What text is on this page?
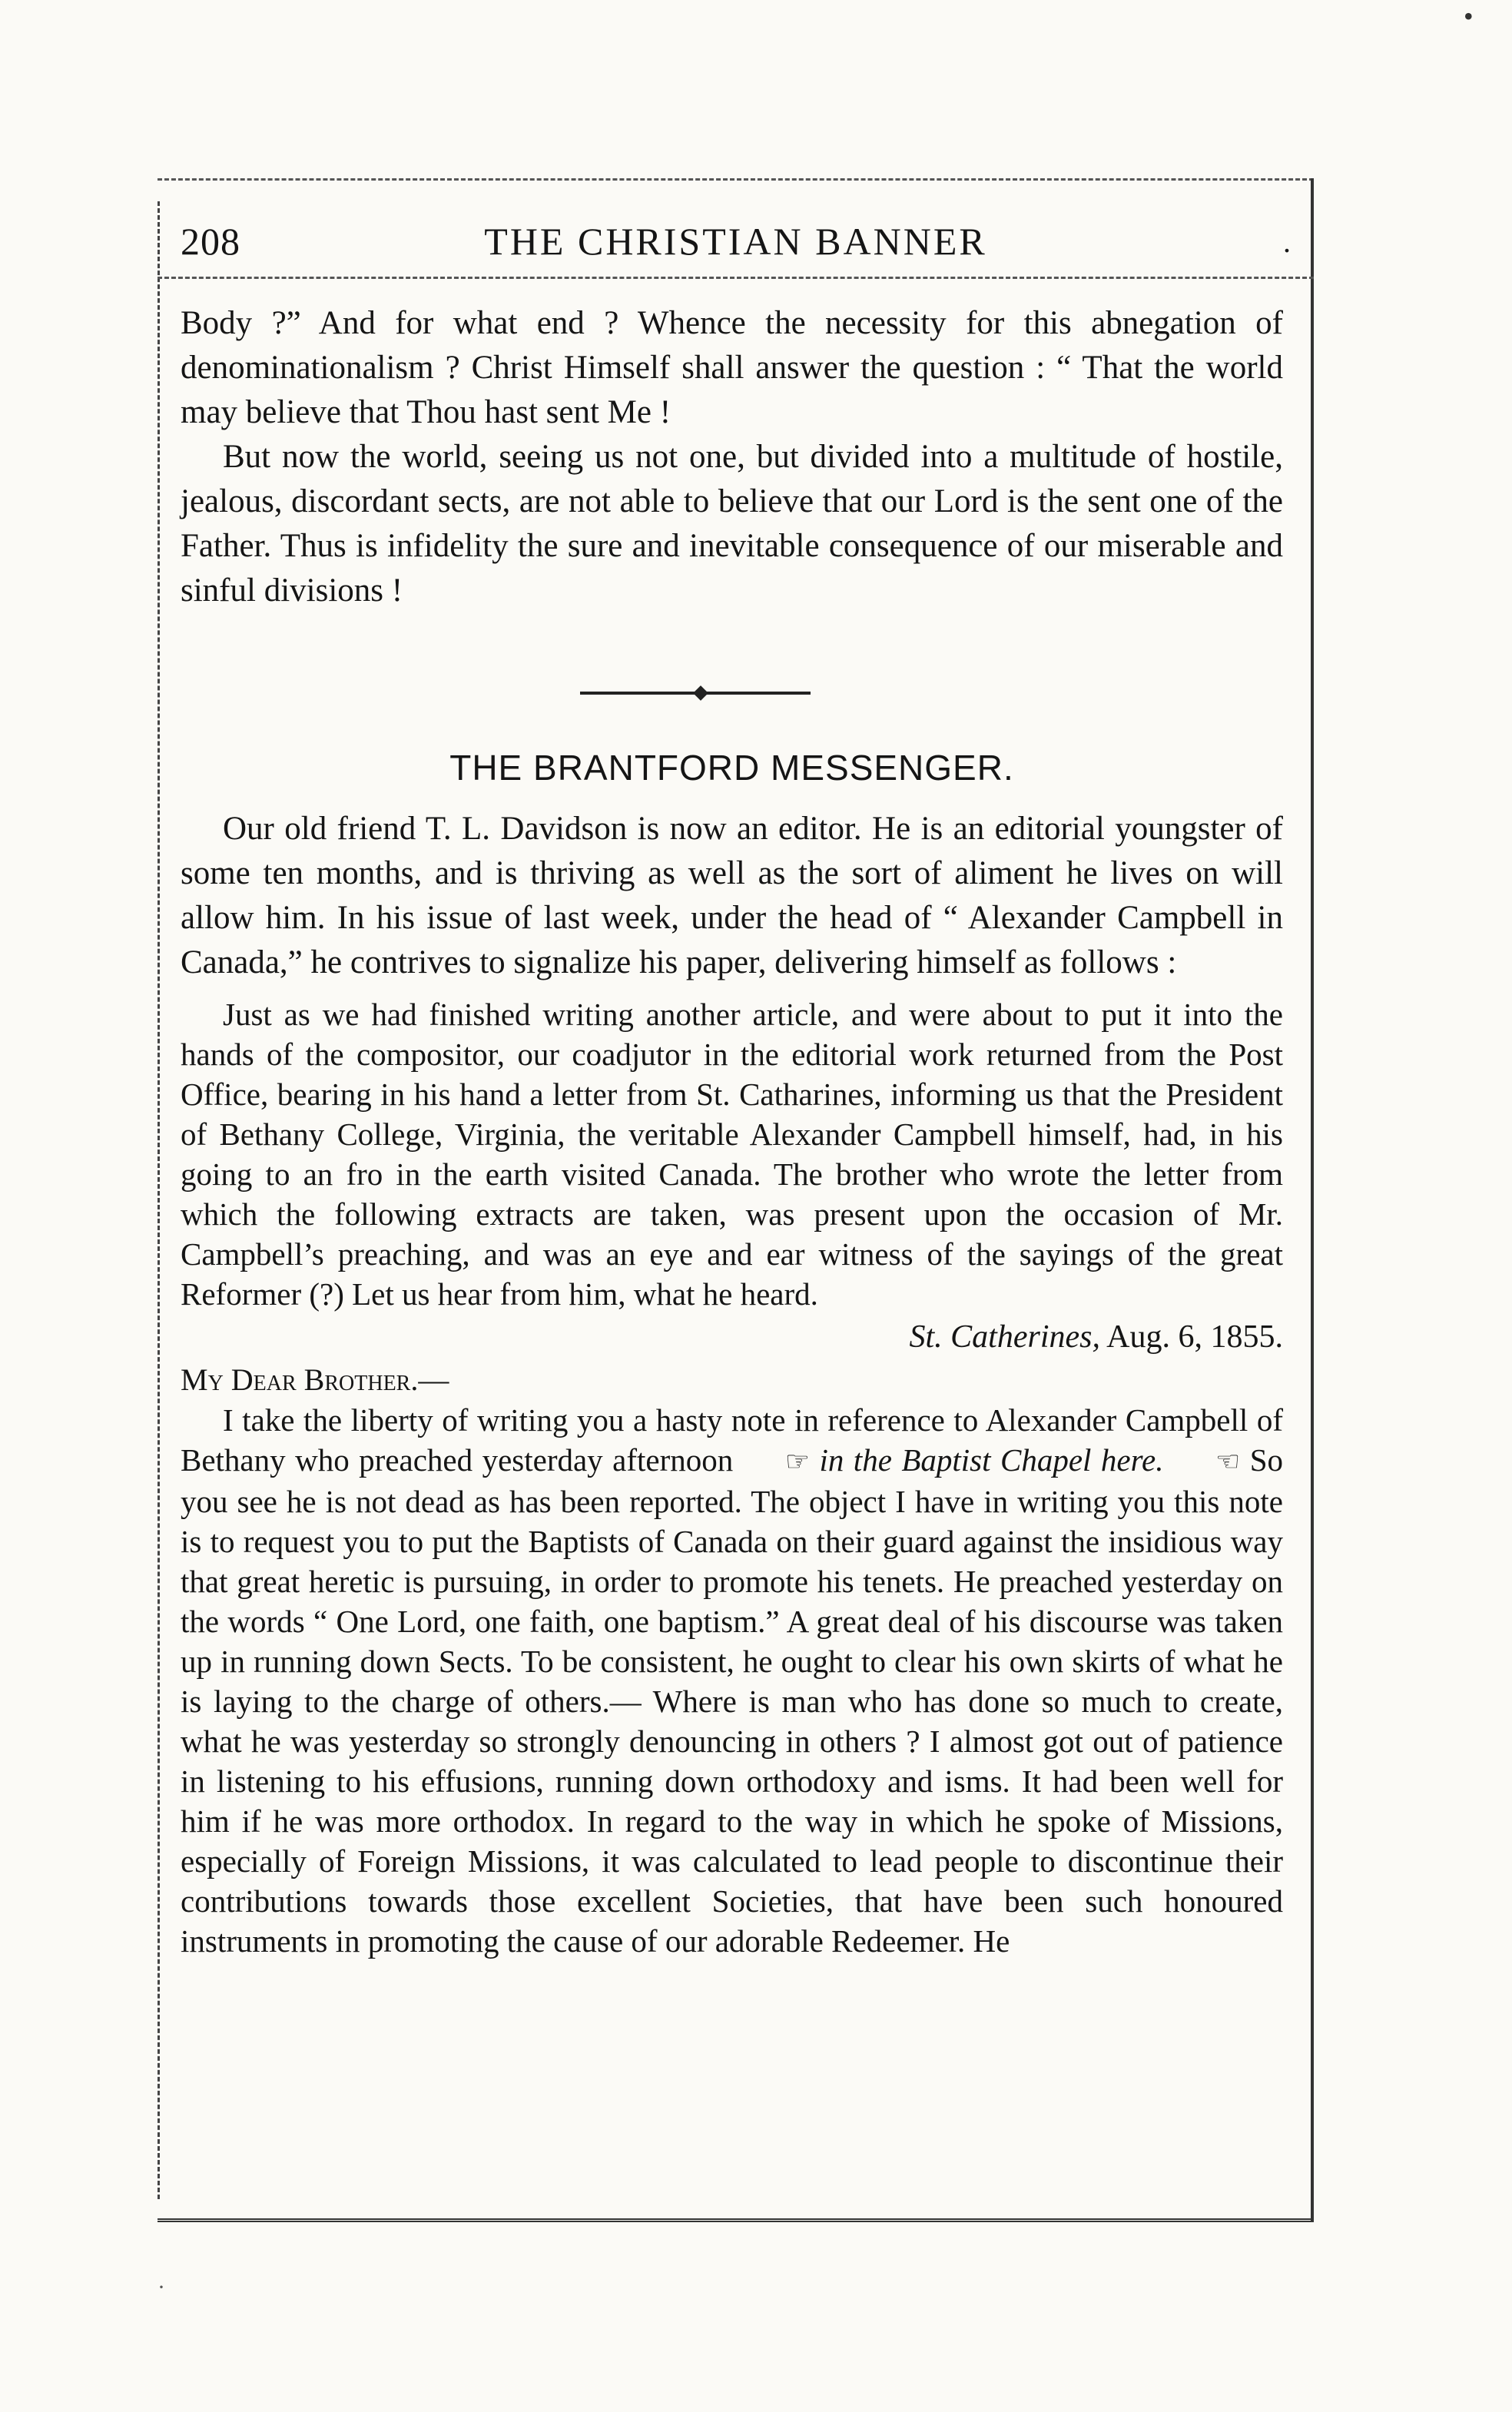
•
208	THE CHRISTIAN BANNER	.

Body ?” And for what end ? Whence the necessity for this abnegation of denominationalism ? Christ Himself shall answer the question : “ That the world may believe that Thou hast sent Me !

But now the world, seeing us not one, but divided into a multitude of hostile, jealous, discordant sects, are not able to believe that our Lord is the sent one of the Father. Thus is infidelity the sure and inevitable consequence of our miserable and sinful divisions !

THE BRANTFORD MESSENGER.

Our old friend T. L. Davidson is now an editor. He is an editorial youngster of some ten months, and is thriving as well as the sort of aliment he lives on will allow him. In his issue of last week, under the head of “ Alexander Campbell in Canada,” he contrives to signalize his paper, delivering himself as follows :

Just as we had finished writing another article, and were about to put it into the hands of the compositor, our coadjutor in the editorial work returned from the Post Office, bearing in his hand a letter from St. Catharines, informing us that the President of Bethany College, Virginia, the veritable Alexander Campbell himself, had, in his going to an fro in the earth visited Canada. The brother who wrote the letter from which the following extracts are taken, was present upon the occasion of Mr. Campbell’s preaching, and was an eye and ear witness of the sayings of the great Reformer (?) Let us hear from him, what he heard.

St. Catherines, Aug. 6, 1855.

My Dear Brother.—

I take the liberty of writing you a hasty note in reference to Alexander Campbell of Bethany who preached yesterday afternoon ☞ in the Baptist Chapel here. ☜ So you see he is not dead as has been reported. The object I have in writing you this note is to request you to put the Baptists of Canada on their guard against the insidious way that great heretic is pursuing, in order to promote his tenets. He preached yesterday on the words “ One Lord, one faith, one baptism.” A great deal of his discourse was taken up in running down Sects. To be consistent, he ought to clear his own skirts of what he is laying to the charge of others.— Where is man who has done so much to create, what he was yesterday so strongly denouncing in others ? I almost got out of patience in listening to his effusions, running down orthodoxy and isms. It had been well for him if he was more orthodox. In regard to the way in which he spoke of Missions, especially of Foreign Missions, it was calculated to lead people to discontinue their contributions towards those excellent Societies, that have been such honoured instruments in promoting the cause of our adorable Redeemer. He

·
